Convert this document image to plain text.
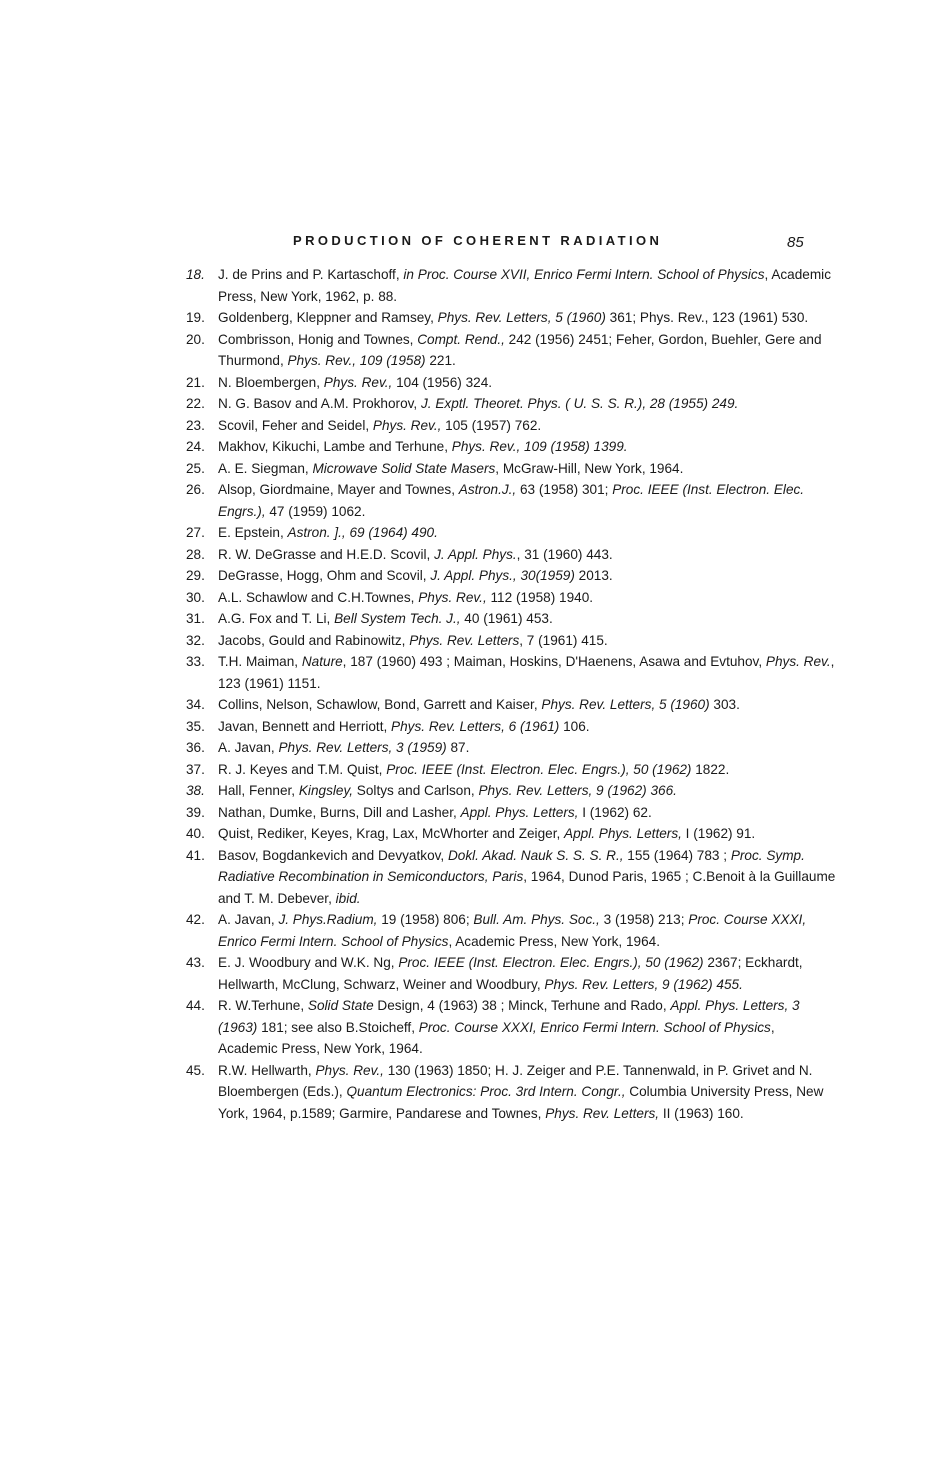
PRODUCTION OF COHERENT RADIATION	85
18. J. de Prins and P. Kartaschoff, in Proc. Course XVII, Enrico Fermi Intern. School of Physics, Academic Press, New York, 1962, p. 88.
19. Goldenberg, Kleppner and Ramsey, Phys. Rev. Letters, 5 (1960) 361; Phys. Rev., 123 (1961) 530.
20. Combrisson, Honig and Townes, Compt. Rend., 242 (1956) 2451; Feher, Gordon, Buehler, Gere and Thurmond, Phys. Rev., 109 (1958) 221.
21. N. Bloembergen, Phys. Rev., 104 (1956) 324.
22. N. G. Basov and A.M. Prokhorov, J. Exptl. Theoret. Phys. ( U. S. S. R.), 28 (1955) 249.
23. Scovil, Feher and Seidel, Phys. Rev., 105 (1957) 762.
24. Makhov, Kikuchi, Lambe and Terhune, Phys. Rev., 109 (1958) 1399.
25. A. E. Siegman, Microwave Solid State Masers, McGraw-Hill, New York, 1964.
26. Alsop, Giordmaine, Mayer and Townes, Astron.J., 63 (1958) 301; Proc. IEEE (Inst. Electron. Elec. Engrs.), 47 (1959) 1062.
27. E. Epstein, Astron. ]., 69 (1964) 490.
28. R. W. DeGrasse and H.E.D. Scovil, J. Appl. Phys., 31 (1960) 443.
29. DeGrasse, Hogg, Ohm and Scovil, J. Appl. Phys., 30(1959) 2013.
30. A.L. Schawlow and C.H.Townes, Phys. Rev., 112 (1958) 1940.
31. A.G. Fox and T. Li, Bell System Tech. J., 40 (1961) 453.
32. Jacobs, Gould and Rabinowitz, Phys. Rev. Letters, 7 (1961) 415.
33. T.H. Maiman, Nature, 187 (1960) 493 ; Maiman, Hoskins, D'Haenens, Asawa and Evtuhov, Phys. Rev., 123 (1961) 1151.
34. Collins, Nelson, Schawlow, Bond, Garrett and Kaiser, Phys. Rev. Letters, 5 (1960) 303.
35. Javan, Bennett and Herriott, Phys. Rev. Letters, 6 (1961) 106.
36. A. Javan, Phys. Rev. Letters, 3 (1959) 87.
37. R. J. Keyes and T.M. Quist, Proc. IEEE (Inst. Electron. Elec. Engrs.), 50 (1962) 1822.
38. Hall, Fenner, Kingsley, Soltys and Carlson, Phys. Rev. Letters, 9 (1962) 366.
39. Nathan, Dumke, Burns, Dill and Lasher, Appl. Phys. Letters, I (1962) 62.
40. Quist, Rediker, Keyes, Krag, Lax, McWhorter and Zeiger, Appl. Phys. Letters, I (1962) 91.
41. Basov, Bogdankevich and Devyatkov, Dokl. Akad. Nauk S. S. S. R., 155 (1964) 783 ; Proc. Symp. Radiative Recombination in Semiconductors, Paris, 1964, Dunod Paris, 1965 ; C.Benoit à la Guillaume and T. M. Debever, ibid.
42. A. Javan, J. Phys.Radium, 19 (1958) 806; Bull. Am. Phys. Soc., 3 (1958) 213; Proc. Course XXXI, Enrico Fermi Intern. School of Physics, Academic Press, New York, 1964.
43. E. J. Woodbury and W.K. Ng, Proc. IEEE (Inst. Electron. Elec. Engrs.), 50 (1962) 2367; Eckhardt, Hellwarth, McClung, Schwarz, Weiner and Woodbury, Phys. Rev. Letters, 9 (1962) 455.
44. R. W.Terhune, Solid State Design, 4 (1963) 38 ; Minck, Terhune and Rado, Appl. Phys. Letters, 3 (1963) 181; see also B.Stoicheff, Proc. Course XXXI, Enrico Fermi Intern. School of Physics, Academic Press, New York, 1964.
45. R.W. Hellwarth, Phys. Rev., 130 (1963) 1850; H. J. Zeiger and P.E. Tannenwald, in P. Grivet and N. Bloembergen (Eds.), Quantum Electronics: Proc. 3rd Intern. Congr., Columbia University Press, New York, 1964, p.1589; Garmire, Pandarese and Townes, Phys. Rev. Letters, II (1963) 160.
